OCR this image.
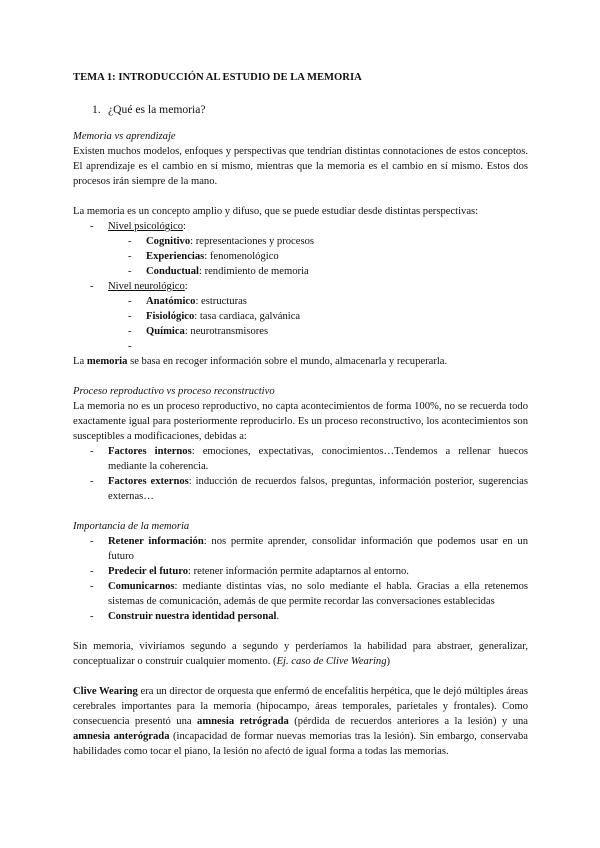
TEMA 1: INTRODUCCIÓN AL ESTUDIO DE LA MEMORIA

1. ¿Qué es la memoria?

Memoria vs aprendizaje

Existen muchos modelos, enfoques y perspectivas que tendrían distintas connotaciones de estos conceptos. El aprendizaje es el cambio en sí mismo, mientras que la memoria es el cambio en sí mismo. Estos dos procesos irán siempre de la mano.

La memoria es un concepto amplio y difuso, que se puede estudiar desde distintas perspectivas:

- Nivel psicológico:
- Cognitivo: representaciones y procesos
- Experiencias: fenomenológico
- Conductual: rendimiento de memoria
- Nivel neurológico:
- Anatómico: estructuras
- Fisiológico: tasa cardiaca, galvánica
- Química: neurotransmisores
-

La memoria se basa en recoger información sobre el mundo, almacenarla y recuperarla.

Proceso reproductivo vs proceso reconstructivo

La memoria no es un proceso reproductivo, no capta acontecimientos de forma 100%, no se recuerda todo exactamente igual para posteriormente reproducirlo. Es un proceso reconstructivo, los acontecimientos son susceptibles a modificaciones, debidas a:

- Factores internos: emociones, expectativas, conocimientos…Tendemos a rellenar huecos mediante la coherencia.
- Factores externos: inducción de recuerdos falsos, preguntas, información posterior, sugerencias externas…

Importancia de la memoria

- Retener información: nos permite aprender, consolidar información que podemos usar en un futuro
- Predecir el futuro: retener información permite adaptarnos al entorno.
- Comunicarnos: mediante distintas vías, no solo mediante el habla. Gracias a ella retenemos sistemas de comunicación, además de que permite recordar las conversaciones establecidas
- Construir nuestra identidad personal.

Sin memoria, viviríamos segundo a segundo y perderíamos la habilidad para abstraer, generalizar, conceptualizar o construir cualquier momento. (Ej. caso de Clive Wearing)

Clive Wearing era un director de orquesta que enfermó de encefalitis herpética, que le dejó múltiples áreas cerebrales importantes para la memoria (hipocampo, áreas temporales, parietales y frontales). Como consecuencia presentó una amnesia retrógrada (pérdida de recuerdos anteriores a la lesión) y una amnesia anterógrada (incapacidad de formar nuevas memorias tras la lesión). Sin embargo, conservaba habilidades como tocar el piano, la lesión no afectó de igual forma a todas las memorias.
